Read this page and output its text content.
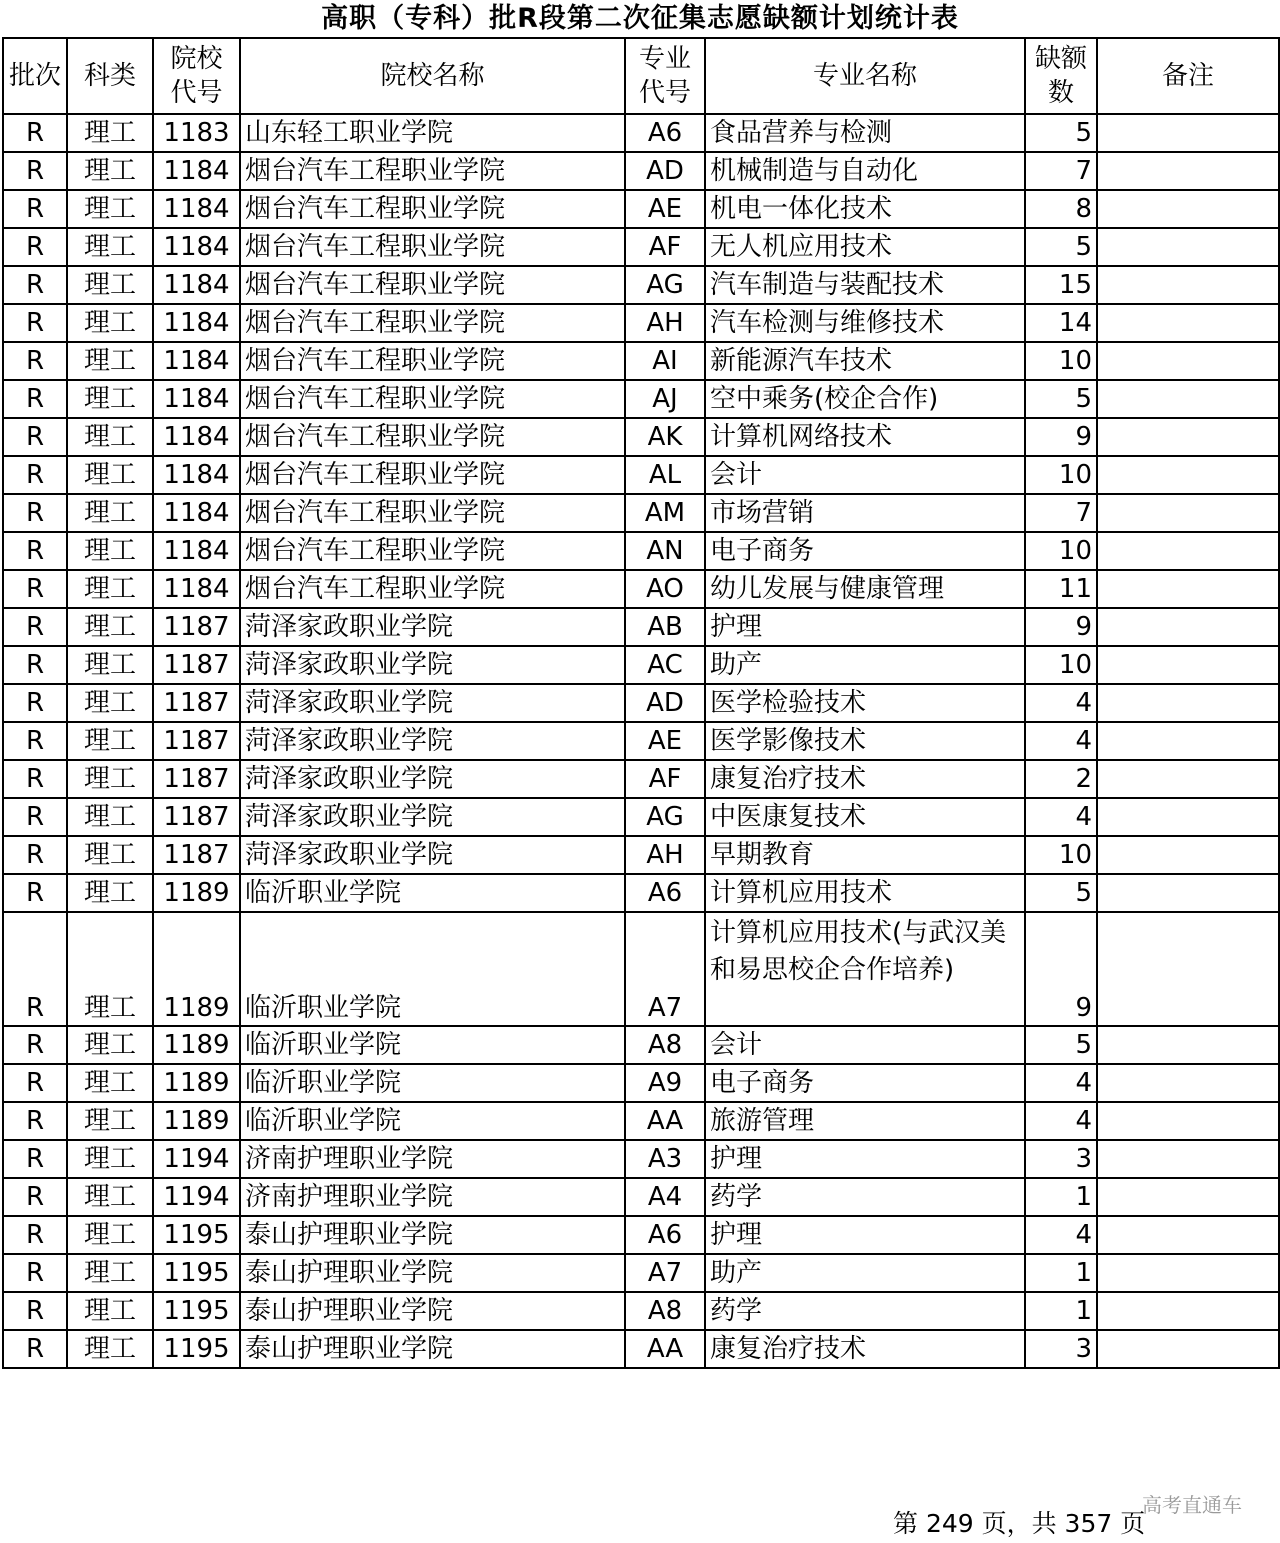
高职（专科）批R段第二次征集志愿缺额计划统计表
批次	科类	院校代号	院校名称	专业代号	专业名称	缺额数	备注
R	理工	1183	山东轻工职业学院	A6	食品营养与检测	5	
R	理工	1184	烟台汽车工程职业学院	AD	机械制造与自动化	7	
R	理工	1184	烟台汽车工程职业学院	AE	机电一体化技术	8	
R	理工	1184	烟台汽车工程职业学院	AF	无人机应用技术	5	
R	理工	1184	烟台汽车工程职业学院	AG	汽车制造与装配技术	15	
R	理工	1184	烟台汽车工程职业学院	AH	汽车检测与维修技术	14	
R	理工	1184	烟台汽车工程职业学院	AI	新能源汽车技术	10	
R	理工	1184	烟台汽车工程职业学院	AJ	空中乘务(校企合作)	5	
R	理工	1184	烟台汽车工程职业学院	AK	计算机网络技术	9	
R	理工	1184	烟台汽车工程职业学院	AL	会计	10	
R	理工	1184	烟台汽车工程职业学院	AM	市场营销	7	
R	理工	1184	烟台汽车工程职业学院	AN	电子商务	10	
R	理工	1184	烟台汽车工程职业学院	AO	幼儿发展与健康管理	11	
R	理工	1187	菏泽家政职业学院	AB	护理	9	
R	理工	1187	菏泽家政职业学院	AC	助产	10	
R	理工	1187	菏泽家政职业学院	AD	医学检验技术	4	
R	理工	1187	菏泽家政职业学院	AE	医学影像技术	4	
R	理工	1187	菏泽家政职业学院	AF	康复治疗技术	2	
R	理工	1187	菏泽家政职业学院	AG	中医康复技术	4	
R	理工	1187	菏泽家政职业学院	AH	早期教育	10	
R	理工	1189	临沂职业学院	A6	计算机应用技术	5	
R	理工	1189	临沂职业学院	A7	计算机应用技术(与武汉美和易思校企合作培养)	9	
R	理工	1189	临沂职业学院	A8	会计	5	
R	理工	1189	临沂职业学院	A9	电子商务	4	
R	理工	1189	临沂职业学院	AA	旅游管理	4	
R	理工	1194	济南护理职业学院	A3	护理	3	
R	理工	1194	济南护理职业学院	A4	药学	1	
R	理工	1195	泰山护理职业学院	A6	护理	4	
R	理工	1195	泰山护理职业学院	A7	助产	1	
R	理工	1195	泰山护理职业学院	A8	药学	1	
R	理工	1195	泰山护理职业学院	AA	康复治疗技术	3	
高考直通车
第 249 页，共 357 页
